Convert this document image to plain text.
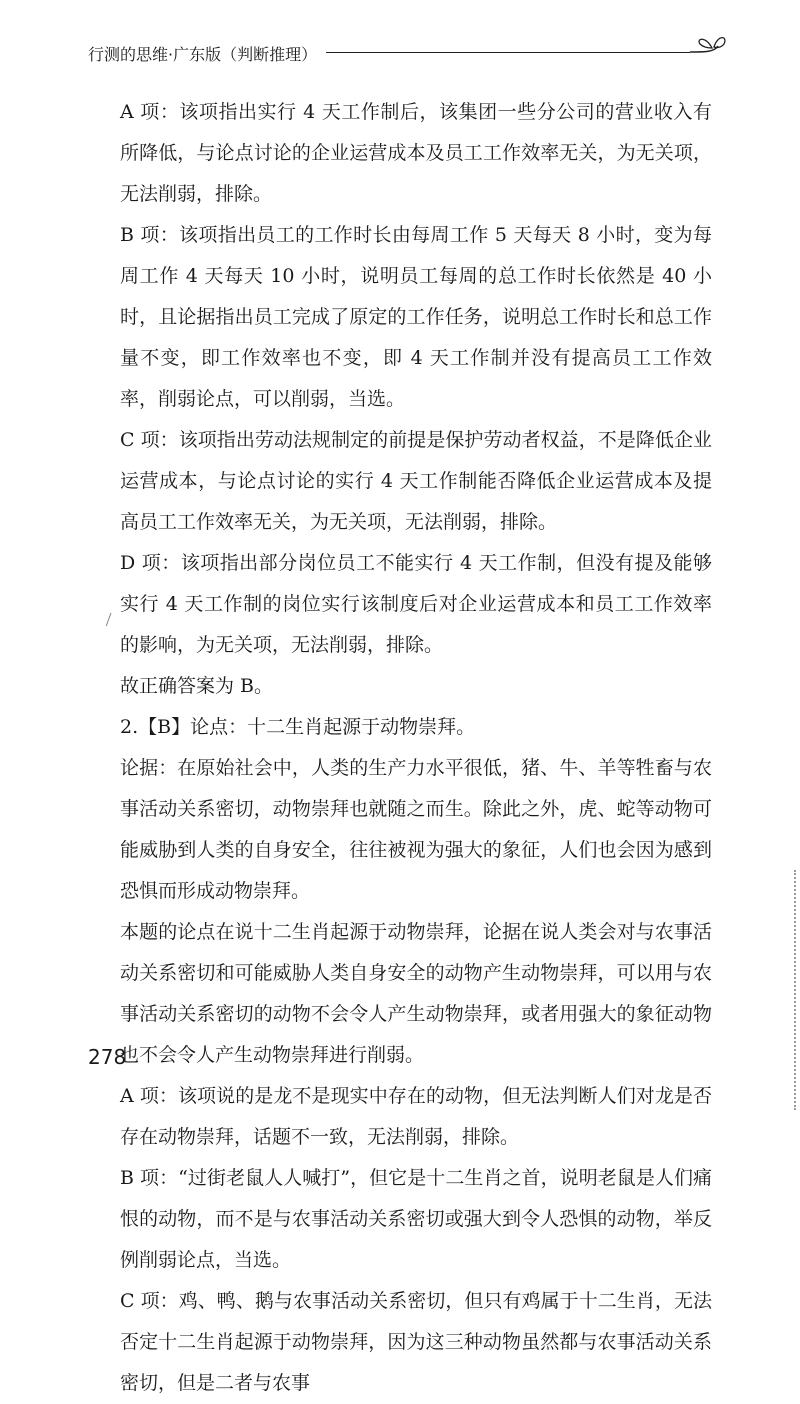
行测的思维·广东版（判断推理）

A 项：该项指出实行 4 天工作制后，该集团一些分公司的营业收入有所降低，与论点讨论的企业运营成本及员工工作效率无关，为无关项，无法削弱，排除。

B 项：该项指出员工的工作时长由每周工作 5 天每天 8 小时，变为每周工作 4 天每天 10 小时，说明员工每周的总工作时长依然是 40 小时，且论据指出员工完成了原定的工作任务，说明总工作时长和总工作量不变，即工作效率也不变，即 4 天工作制并没有提高员工工作效率，削弱论点，可以削弱，当选。

C 项：该项指出劳动法规制定的前提是保护劳动者权益，不是降低企业运营成本，与论点讨论的实行 4 天工作制能否降低企业运营成本及提高员工工作效率无关，为无关项，无法削弱，排除。

D 项：该项指出部分岗位员工不能实行 4 天工作制，但没有提及能够实行 4 天工作制的岗位实行该制度后对企业运营成本和员工工作效率的影响，为无关项，无法削弱，排除。

故正确答案为 B。

2.【B】论点：十二生肖起源于动物崇拜。

论据：在原始社会中，人类的生产力水平很低，猪、牛、羊等牲畜与农事活动关系密切，动物崇拜也就随之而生。除此之外，虎、蛇等动物可能威胁到人类的自身安全，往往被视为强大的象征，人们也会因为感到恐惧而形成动物崇拜。

本题的论点在说十二生肖起源于动物崇拜，论据在说人类会对与农事活动关系密切和可能威胁人类自身安全的动物产生动物崇拜，可以用与农事活动关系密切的动物不会令人产生动物崇拜，或者用强大的象征动物也不会令人产生动物崇拜进行削弱。

A 项：该项说的是龙不是现实中存在的动物，但无法判断人们对龙是否存在动物崇拜，话题不一致，无法削弱，排除。

B 项：“过街老鼠人人喊打”，但它是十二生肖之首，说明老鼠是人们痛恨的动物，而不是与农事活动关系密切或强大到令人恐惧的动物，举反例削弱论点，当选。

C 项：鸡、鸭、鹅与农事活动关系密切，但只有鸡属于十二生肖，无法否定十二生肖起源于动物崇拜，因为这三种动物虽然都与农事活动关系密切，但是二者与农事

278
